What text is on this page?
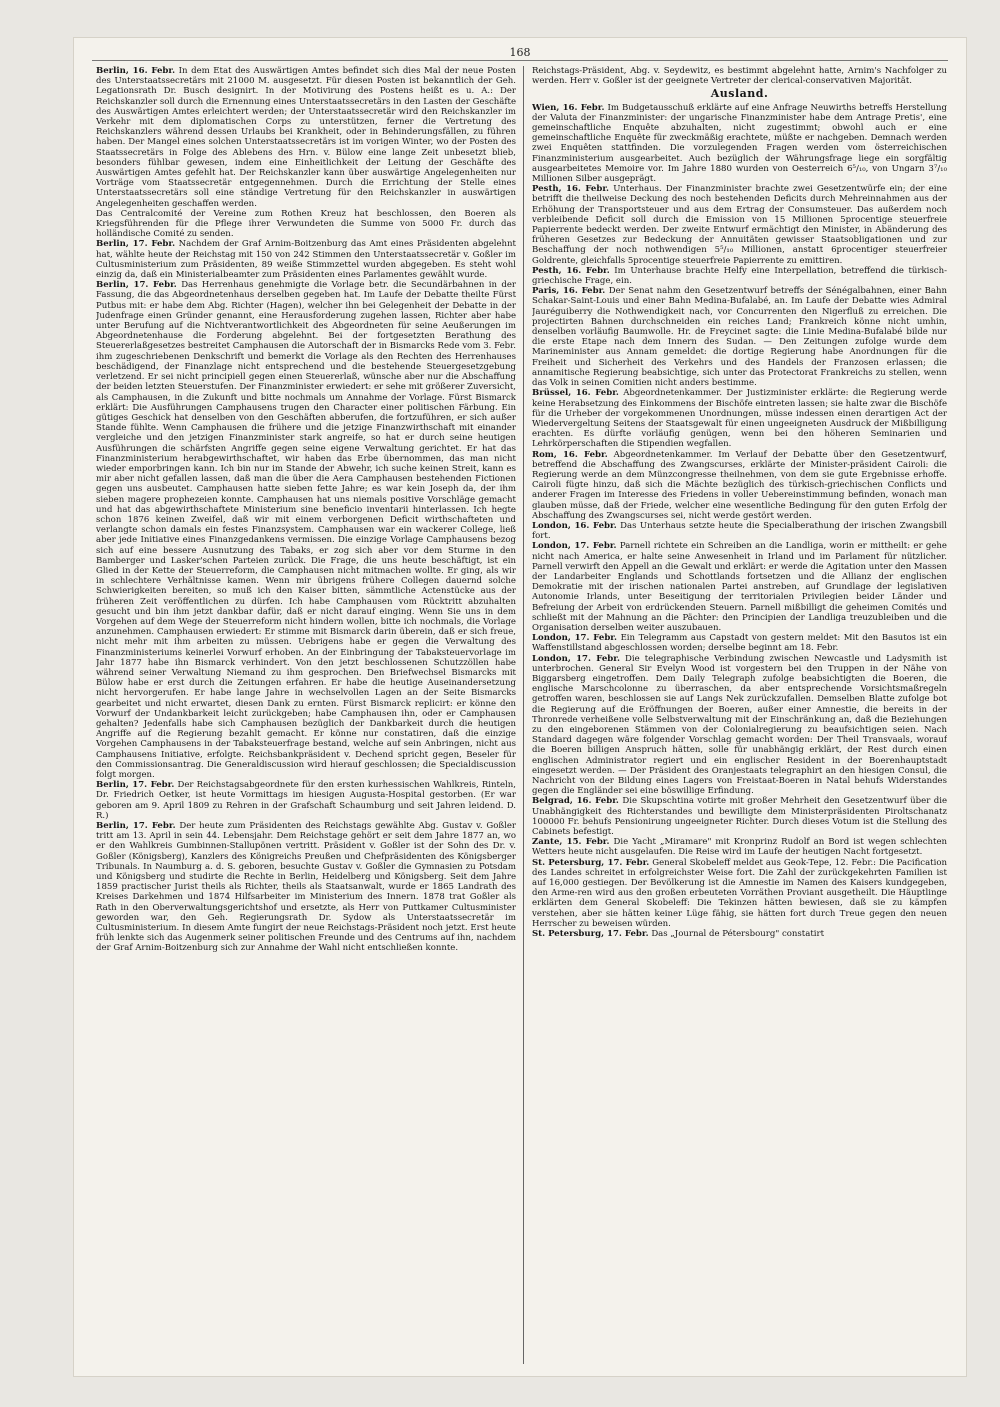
168

Berlin, 16. Febr. In dem Etat des Auswärtigen Amtes befindet sich dies Mal der neue Posten des Unterstaatssecretärs mit 21000 M. ausgesetzt. Für diesen Posten ist bekanntlich der Geh. Legationsrath Dr. Busch designirt. In der Motivirung des Postens heißt es u. A.: Der Reichskanzler soll durch die Ernennung eines Unterstaatssecretärs in den Lasten der Geschäfte des Auswärtigen Amtes erleichtert werden; der Unterstaatssecretär wird den Reichskanzler im Verkehr mit dem diplomatischen Corps zu unterstützen, ferner die Vertretung des Reichskanzlers während dessen Urlaubs bei Krankheit, oder in Behinderungsfällen, zu führen haben. Der Mangel eines solchen Unterstaatssecretärs ist im vorigen Winter, wo der Posten des Staatssecretärs in Folge des Ablebens des Hrn. v. Bülow eine lange Zeit unbesetzt blieb, besonders fühlbar gewesen, indem eine Einheitlichkeit der Leitung der Geschäfte des Auswärtigen Amtes gefehlt hat. Der Reichskanzler kann über auswärtige Angelegenheiten nur Vorträge vom Staatssecretär entgegennehmen. Durch die Errichtung der Stelle eines Unterstaatssecretärs soll eine ständige Vertretung für den Reichskanzler in auswärtigen Angelegenheiten geschaffen werden.

Das Centralcomité der Vereine zum Rothen Kreuz hat beschlossen, den Boeren als Kriegsführenden für die Pflege ihrer Verwundeten die Summe von 5000 Fr. durch das holländische Comité zu senden.

Berlin, 17. Febr. Nachdem der Graf Arnim-Boitzenburg das Amt eines Präsidenten abgelehnt hat, wählte heute der Reichstag mit 150 von 242 Stimmen den Unterstaatssecretär v. Goßler im Cultusministerium zum Präsidenten, 89 weiße Stimmzettel wurden abgegeben. Es steht wohl einzig da, daß ein Ministerialbeamter zum Präsidenten eines Parlamentes gewählt wurde.

Berlin, 17. Febr. Das Herrenhaus genehmigte die Vorlage betr. die Secundärbahnen in der Fassung, die das Abgeordnetenhaus derselben gegeben hat. Im Laufe der Debatte theilte Fürst Putbus mit: er habe dem Abg. Richter (Hagen), welcher ihn bei Gelegenheit der Debatte in der Judenfrage einen Gründer genannt, eine Herausforderung zugehen lassen, Richter aber habe unter Berufung auf die Nichtverantwortlichkeit des Abgeordneten für seine Aeußerungen im Abgeordnetenhause die Forderung abgelehnt. Bei der fortgesetzten Berathung des Steuererlaßgesetzes bestreitet Camphausen die Autorschaft der in Bismarcks Rede vom 3. Febr. ihm zugeschriebenen Denkschrift und bemerkt die Vorlage als den Rechten des Herrenhauses beschädigend, der Finanzlage nicht entsprechend und die bestehende Steuergesetzgebung verletzend. Er sei nicht principiell gegen einen Steuererlaß, wünsche aber nur die Abschaffung der beiden letzten Steuerstufen. Der Finanzminister erwiedert: er sehe mit größerer Zuversicht, als Camphausen, in die Zukunft und bitte nochmals um Annahme der Vorlage. Fürst Bismarck erklärt: Die Ausführungen Camphausens trugen den Character einer politischen Färbung. Ein gütiges Geschick hat denselben von den Geschäften abberufen, die fortzuführen, er sich außer Stande fühlte. Wenn Camphausen die frühere und die jetzige Finanzwirthschaft mit einander vergleiche und den jetzigen Finanzminister stark angreife, so hat er durch seine heutigen Ausführungen die schärfsten Angriffe gegen seine eigene Verwaltung gerichtet. Er hat das Finanzministerium herabgewirthschaftet, wir haben das Erbe übernommen, das man nicht wieder emporbringen kann. Ich bin nur im Stande der Abwehr, ich suche keinen Streit, kann es mir aber nicht gefallen lassen, daß man die über die Aera Camphausen bestehenden Fictionen gegen uns ausbeutet. Camphausen hatte sieben fette Jahre; es war kein Joseph da, der ihm sieben magere prophezeien konnte. Camphausen hat uns niemals positive Vorschläge gemacht und hat das abgewirthschaftete Ministerium sine beneficio inventarii hinterlassen. Ich hegte schon 1876 keinen Zweifel, daß wir mit einem verborgenen Deficit wirthschafteten und verlangte schon damals ein festes Finanzsystem. Camphausen war ein wackerer College, ließ aber jede Initiative eines Finanzgedankens vermissen. Die einzige Vorlage Camphausens bezog sich auf eine bessere Ausnutzung des Tabaks, er zog sich aber vor dem Sturme in den Bamberger und Lasker'schen Parteien zurück. Die Frage, die uns heute beschäftigt, ist ein Glied in der Kette der Steuerreform, die Camphausen nicht mitmachen wollte. Er ging, als wir in schlechtere Verhältnisse kamen. Wenn mir übrigens frühere Collegen dauernd solche Schwierigkeiten bereiten, so muß ich den Kaiser bitten, sämmtliche Actenstücke aus der früheren Zeit veröffentlichen zu dürfen. Ich habe Camphausen vom Rücktritt abzuhalten gesucht und bin ihm jetzt dankbar dafür, daß er nicht darauf einging. Wenn Sie uns in dem Vorgehen auf dem Wege der Steuerreform nicht hindern wollen, bitte ich nochmals, die Vorlage anzunehmen. Camphausen erwiedert: Er stimme mit Bismarck darin überein, daß er sich freue, nicht mehr mit ihm arbeiten zu müssen. Uebrigens habe er gegen die Verwaltung des Finanzministeriums keinerlei Vorwurf erhoben. An der Einbringung der Tabaksteuervorlage im Jahr 1877 habe ihn Bismarck verhindert. Von den jetzt beschlossenen Schutzzöllen habe während seiner Verwaltung Niemand zu ihm gesprochen. Den Briefwechsel Bismarcks mit Bülow habe er erst durch die Zeitungen erfahren. Er habe die heutige Auseinandersetzung nicht hervorgerufen. Er habe lange Jahre in wechselvollen Lagen an der Seite Bismarcks gearbeitet und nicht erwartet, diesen Dank zu ernten. Fürst Bismarck replicirt: er könne den Vorwurf der Undankbarkeit leicht zurückgeben; habe Camphausen ihn, oder er Camphausen gehalten? Jedenfalls habe sich Camphausen bezüglich der Dankbarkeit durch die heutigen Angriffe auf die Regierung bezahlt gemacht. Er könne nur constatiren, daß die einzige Vorgehen Camphausens in der Tabaksteuerfrage bestand, welche auf sein Anbringen, nicht aus Camphausens Initiative, erfolgte. Reichsbankpräsident v. Dechend spricht gegen, Beseler für den Commissionsantrag. Die Generaldiscussion wird hierauf geschlossen; die Specialdiscussion folgt morgen.

Berlin, 17. Febr. Der Reichstagsabgeordnete für den ersten kurhessischen Wahlkreis, Rinteln, Dr. Friedrich Oetker, ist heute Vormittags im hiesigen Augusta-Hospital gestorben. (Er war geboren am 9. April 1809 zu Rehren in der Grafschaft Schaumburg und seit Jahren leidend. D. R.)

Berlin, 17. Febr. Der heute zum Präsidenten des Reichstags gewählte Abg. Gustav v. Goßler tritt am 13. April in sein 44. Lebensjahr. Dem Reichstage gehört er seit dem Jahre 1877 an, wo er den Wahlkreis Gumbinnen-Stallupönen vertritt. Präsident v. Goßler ist der Sohn des Dr. v. Goßler (Königsberg), Kanzlers des Königreichs Preußen und Chefpräsidenten des Königsberger Tribunals. In Naumburg a. d. S. geboren, besuchte Gustav v. Goßler die Gymnasien zu Potsdam und Königsberg und studirte die Rechte in Berlin, Heidelberg und Königsberg. Seit dem Jahre 1859 practischer Jurist theils als Richter, theils als Staatsanwalt, wurde er 1865 Landrath des Kreises Darkehmen und 1874 Hilfsarbeiter im Ministerium des Innern. 1878 trat Goßler als Rath in den Oberverwaltungsgerichtshof und ersetzte, als Herr von Puttkamer Cultusminister geworden war, den Geh. Regierungsrath Dr. Sydow als Unterstaatssecretär im Cultusministerium. In diesem Amte fungirt der neue Reichstags-Präsident noch jetzt. Erst heute früh lenkte sich das Augenmerk seiner politischen Freunde und des Centrums auf ihn, nachdem der Graf Arnim-Boitzenburg sich zur Annahme der Wahl nicht entschließen konnte.

Reichstags-Präsident, Abg. v. Seydewitz, es bestimmt abgelehnt hatte, Arnim's Nachfolger zu werden. Herr v. Goßler ist der geeignete Vertreter der clerical-conservativen Majorität.

Ausland.

Wien, 16. Febr. Im Budgetausschuß erklärte auf eine Anfrage Neuwirths betreffs Herstellung der Valuta der Finanzminister: der ungarische Finanzminister habe dem Antrage Pretis', eine gemeinschaftliche Enquête abzuhalten, nicht zugestimmt; obwohl auch er eine gemeinschaftliche Enquête für zweckmäßig erachtete, müßte er nachgeben. Demnach werden zwei Enquêten stattfinden. Die vorzulegenden Fragen werden vom österreichischen Finanzministerium ausgearbeitet. Auch bezüglich der Währungsfrage liege ein sorgfältig ausgearbeitetes Memoire vor. Im Jahre 1880 wurden von Oesterreich 6⁵/₁₀, von Ungarn 3⁷/₁₀ Millionen Silber ausgeprägt.

Pesth, 16. Febr. Unterhaus. Der Finanzminister brachte zwei Gesetzentwürfe ein; der eine betrifft die theilweise Deckung des noch bestehenden Deficits durch Mehreinnahmen aus der Erhöhung der Transportsteuer und aus dem Ertrag der Consumsteuer. Das außerdem noch verbleibende Deficit soll durch die Emission von 15 Millionen 5procentige steuerfreie Papierrente bedeckt werden. Der zweite Entwurf ermächtigt den Minister, in Abänderung des früheren Gesetzes zur Bedeckung der Annuitäten gewisser Staatsobligationen und zur Beschaffung der noch nothwendigen 5⁵/₁₀ Millionen, anstatt 6procentiger steuerfreier Goldrente, gleichfalls 5procentige steuerfreie Papierrente zu emittiren.

Pesth, 16. Febr. Im Unterhause brachte Helfy eine Interpellation, betreffend die türkisch-griechische Frage, ein.

Paris, 16. Febr. Der Senat nahm den Gesetzentwurf betreffs der Sénégalbahnen, einer Bahn Schakar-Saint-Louis und einer Bahn Medina-Bufalabé, an. Im Laufe der Debatte wies Admiral Jauréguiberry die Nothwendigkeit nach, vor Concurrenten den Nigerfluß zu erreichen. Die projectirten Bahnen durchschneiden ein reiches Land; Frankreich könne nicht umhin, denselben vorläufig Baumwolle. Hr. de Freycinet sagte: die Linie Medina-Bufalabé bilde nur die erste Etape nach dem Innern des Sudan. — Den Zeitungen zufolge wurde dem Marineminister aus Annam gemeldet: die dortige Regierung habe Anordnungen für die Freiheit und Sicherheit des Verkehrs und des Handels der Franzosen erlassen; die annamitische Regierung beabsichtige, sich unter das Protectorat Frankreichs zu stellen, wenn das Volk in seinen Comitien nicht anders bestimme.

Brüssel, 16. Febr. Abgeordnetenkammer. Der Justizminister erklärte: die Regierung werde keine Herabsetzung des Einkommens der Bischöfe eintreten lassen; sie halte zwar die Bischöfe für die Urheber der vorgekommenen Unordnungen, müsse indessen einen derartigen Act der Wiedervergeltung Seitens der Staatsgewalt für einen ungeeigneten Ausdruck der Mißbilligung erachten. Es dürfte vorläufig genügen, wenn bei den höheren Seminarien und Lehrkörperschaften die Stipendien wegfallen.

Rom, 16. Febr. Abgeordnetenkammer. Im Verlauf der Debatte über den Gesetzentwurf, betreffend die Abschaffung des Zwangscurses, erklärte der Minister-präsident Cairoli: die Regierung werde an dem Münzcongresse theilnehmen, von dem sie gute Ergebnisse erhoffe. Cairoli fügte hinzu, daß sich die Mächte bezüglich des türkisch-griechischen Conflicts und anderer Fragen im Interesse des Friedens in voller Uebereinstimmung befinden, wonach man glauben müsse, daß der Friede, welcher eine wesentliche Bedingung für den guten Erfolg der Abschaffung des Zwangscurses sei, nicht werde gestört werden.

London, 16. Febr. Das Unterhaus setzte heute die Specialberathung der irischen Zwangsbill fort.

London, 17. Febr. Parnell richtete ein Schreiben an die Landliga, worin er mittheilt: er gehe nicht nach America, er halte seine Anwesenheit in Irland und im Parlament für nützlicher. Parnell verwirft den Appell an die Gewalt und erklärt: er werde die Agitation unter den Massen der Landarbeiter Englands und Schottlands fortsetzen und die Allianz der englischen Demokratie mit der irischen nationalen Partei anstreben, auf Grundlage der legislativen Autonomie Irlands, unter Beseitigung der territorialen Privilegien beider Länder und Befreiung der Arbeit von erdrückenden Steuern. Parnell mißbilligt die geheimen Comités und schließt mit der Mahnung an die Pächter: den Principien der Landliga treuzubleiben und die Organisation derselben weiter auszubauen.

London, 17. Febr. Ein Telegramm aus Capstadt von gestern meldet: Mit den Basutos ist ein Waffenstillstand abgeschlossen worden; derselbe beginnt am 18. Febr.

London, 17. Febr. Die telegraphische Verbindung zwischen Newcastle und Ladysmith ist unterbrochen. General Sir Evelyn Wood ist vorgestern bei den Truppen in der Nähe von Biggarsberg eingetroffen. Dem Daily Telegraph zufolge beabsichtigten die Boeren, die englische Marschcolonne zu überraschen, da aber entsprechende Vorsichtsmaßregeln getroffen waren, beschlossen sie auf Langs Nek zurückzufallen. Demselben Blatte zufolge bot die Regierung auf die Eröffnungen der Boeren, außer einer Amnestie, die bereits in der Thronrede verheißene volle Selbstverwaltung mit der Einschränkung an, daß die Beziehungen zu den eingeborenen Stämmen von der Colonialregierung zu beaufsichtigen seien. Nach Standard dagegen wäre folgender Vorschlag gemacht worden: Der Theil Transvaals, worauf die Boeren billigen Anspruch hätten, solle für unabhängig erklärt, der Rest durch einen englischen Administrator regiert und ein englischer Resident in der Boerenhauptstadt eingesetzt werden. — Der Präsident des Oranjestaats telegraphirt an den hiesigen Consul, die Nachricht von der Bildung eines Lagers von Freistaat-Boeren in Natal behufs Widerstandes gegen die Engländer sei eine böswillige Erfindung.

Belgrad, 16. Febr. Die Skupschtina votirte mit großer Mehrheit den Gesetzentwurf über die Unabhängigkeit des Richterstandes und bewilligte dem Ministerpräsidenten Piroltschanatz 100000 Fr. behufs Pensionirung ungeeigneter Richter. Durch dieses Votum ist die Stellung des Cabinets befestigt.

Zante, 15. Febr. Die Yacht „Miramare" mit Kronprinz Rudolf an Bord ist wegen schlechten Wetters heute nicht ausgelaufen. Die Reise wird im Laufe der heutigen Nacht fortgesetzt.

St. Petersburg, 17. Febr. General Skobeleff meldet aus Geok-Tepe, 12. Febr.: Die Pacification des Landes schreitet in erfolgreichster Weise fort. Die Zahl der zurückgekehrten Familien ist auf 16,000 gestiegen. Der Bevölkerung ist die Amnestie im Namen des Kaisers kundgegeben, den Arme-ren wird aus den großen erbeuteten Vorräthen Proviant ausgetheilt. Die Häuptlinge erklärten dem General Skobeleff: Die Tekinzen hätten bewiesen, daß sie zu kämpfen verstehen, aber sie hätten keiner Lüge fähig, sie hätten fort durch Treue gegen den neuen Herrscher zu beweisen würden.

St. Petersburg, 17. Febr. Das „Journal de Pétersbourg" constatirt
